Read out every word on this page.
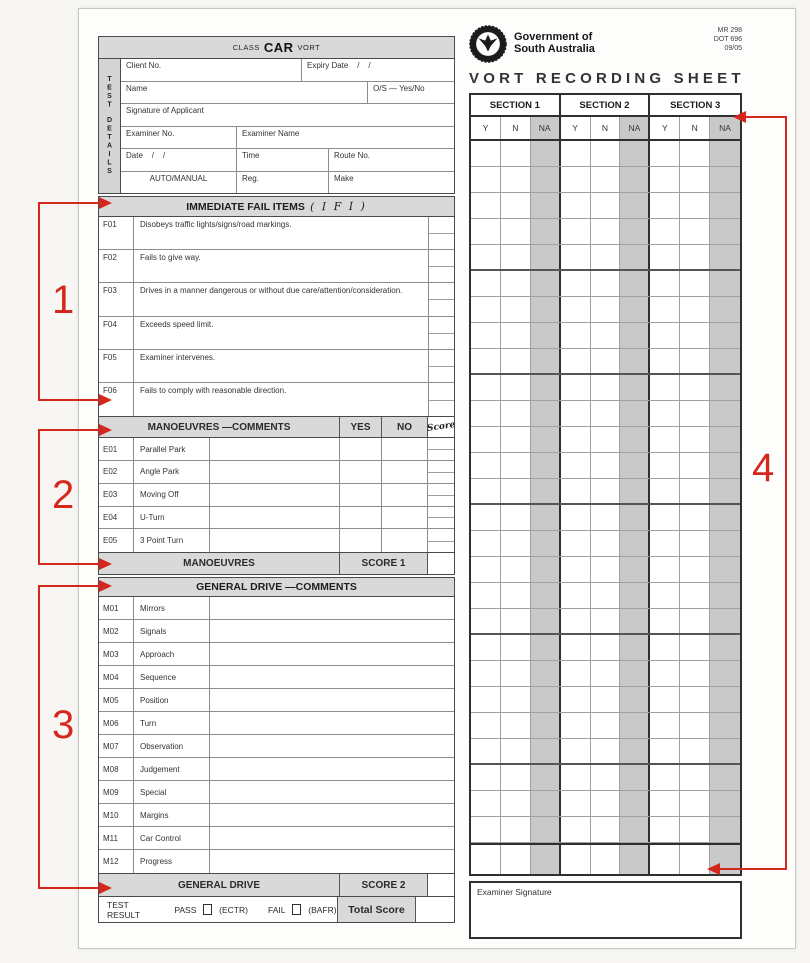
CLASS CAR VORT
TEST
DETAILS
Client No.	Expiry Date    /    /
Name	O/S — Yes/No
Signature of Applicant
Examiner No.	Examiner Name
Date    /    /	Time	Route No.
AUTO/MANUAL	Reg.	Make
IMMEDIATE FAIL ITEMS ( I F I )
F01	Disobeys traffic lights/signs/road markings.
F02	Fails to give way.
F03	Drives in a manner dangerous or without due care/attention/consideration.
F04	Exceeds speed limit.
F05	Examiner intervenes.
F06	Fails to comply with reasonable direction.
MANOEUVRES —COMMENTS	YES	NO	Score
E01	Parallel Park
E02	Angle Park
E03	Moving Off
E04	U-Turn
E05	3 Point Turn
MANOEUVRES	SCORE 1
GENERAL DRIVE —COMMENTS
M01	Mirrors
M02	Signals
M03	Approach
M04	Sequence
M05	Position
M06	Turn
M07	Observation
M08	Judgement
M09	Special
M10	Margins
M11	Car Control
M12	Progress
GENERAL DRIVE	SCORE 2
TEST RESULT	PASS	(ECTR) FAIL	(BAFR)	Total Score
Government of
South Australia
MR 298
DOT 696
09/05
VORT RECORDING SHEET
SECTION 1	SECTION 2	SECTION 3
Y	N	NA	Y	N	NA	Y	N	NA
Examiner Signature
1
2
3
4
